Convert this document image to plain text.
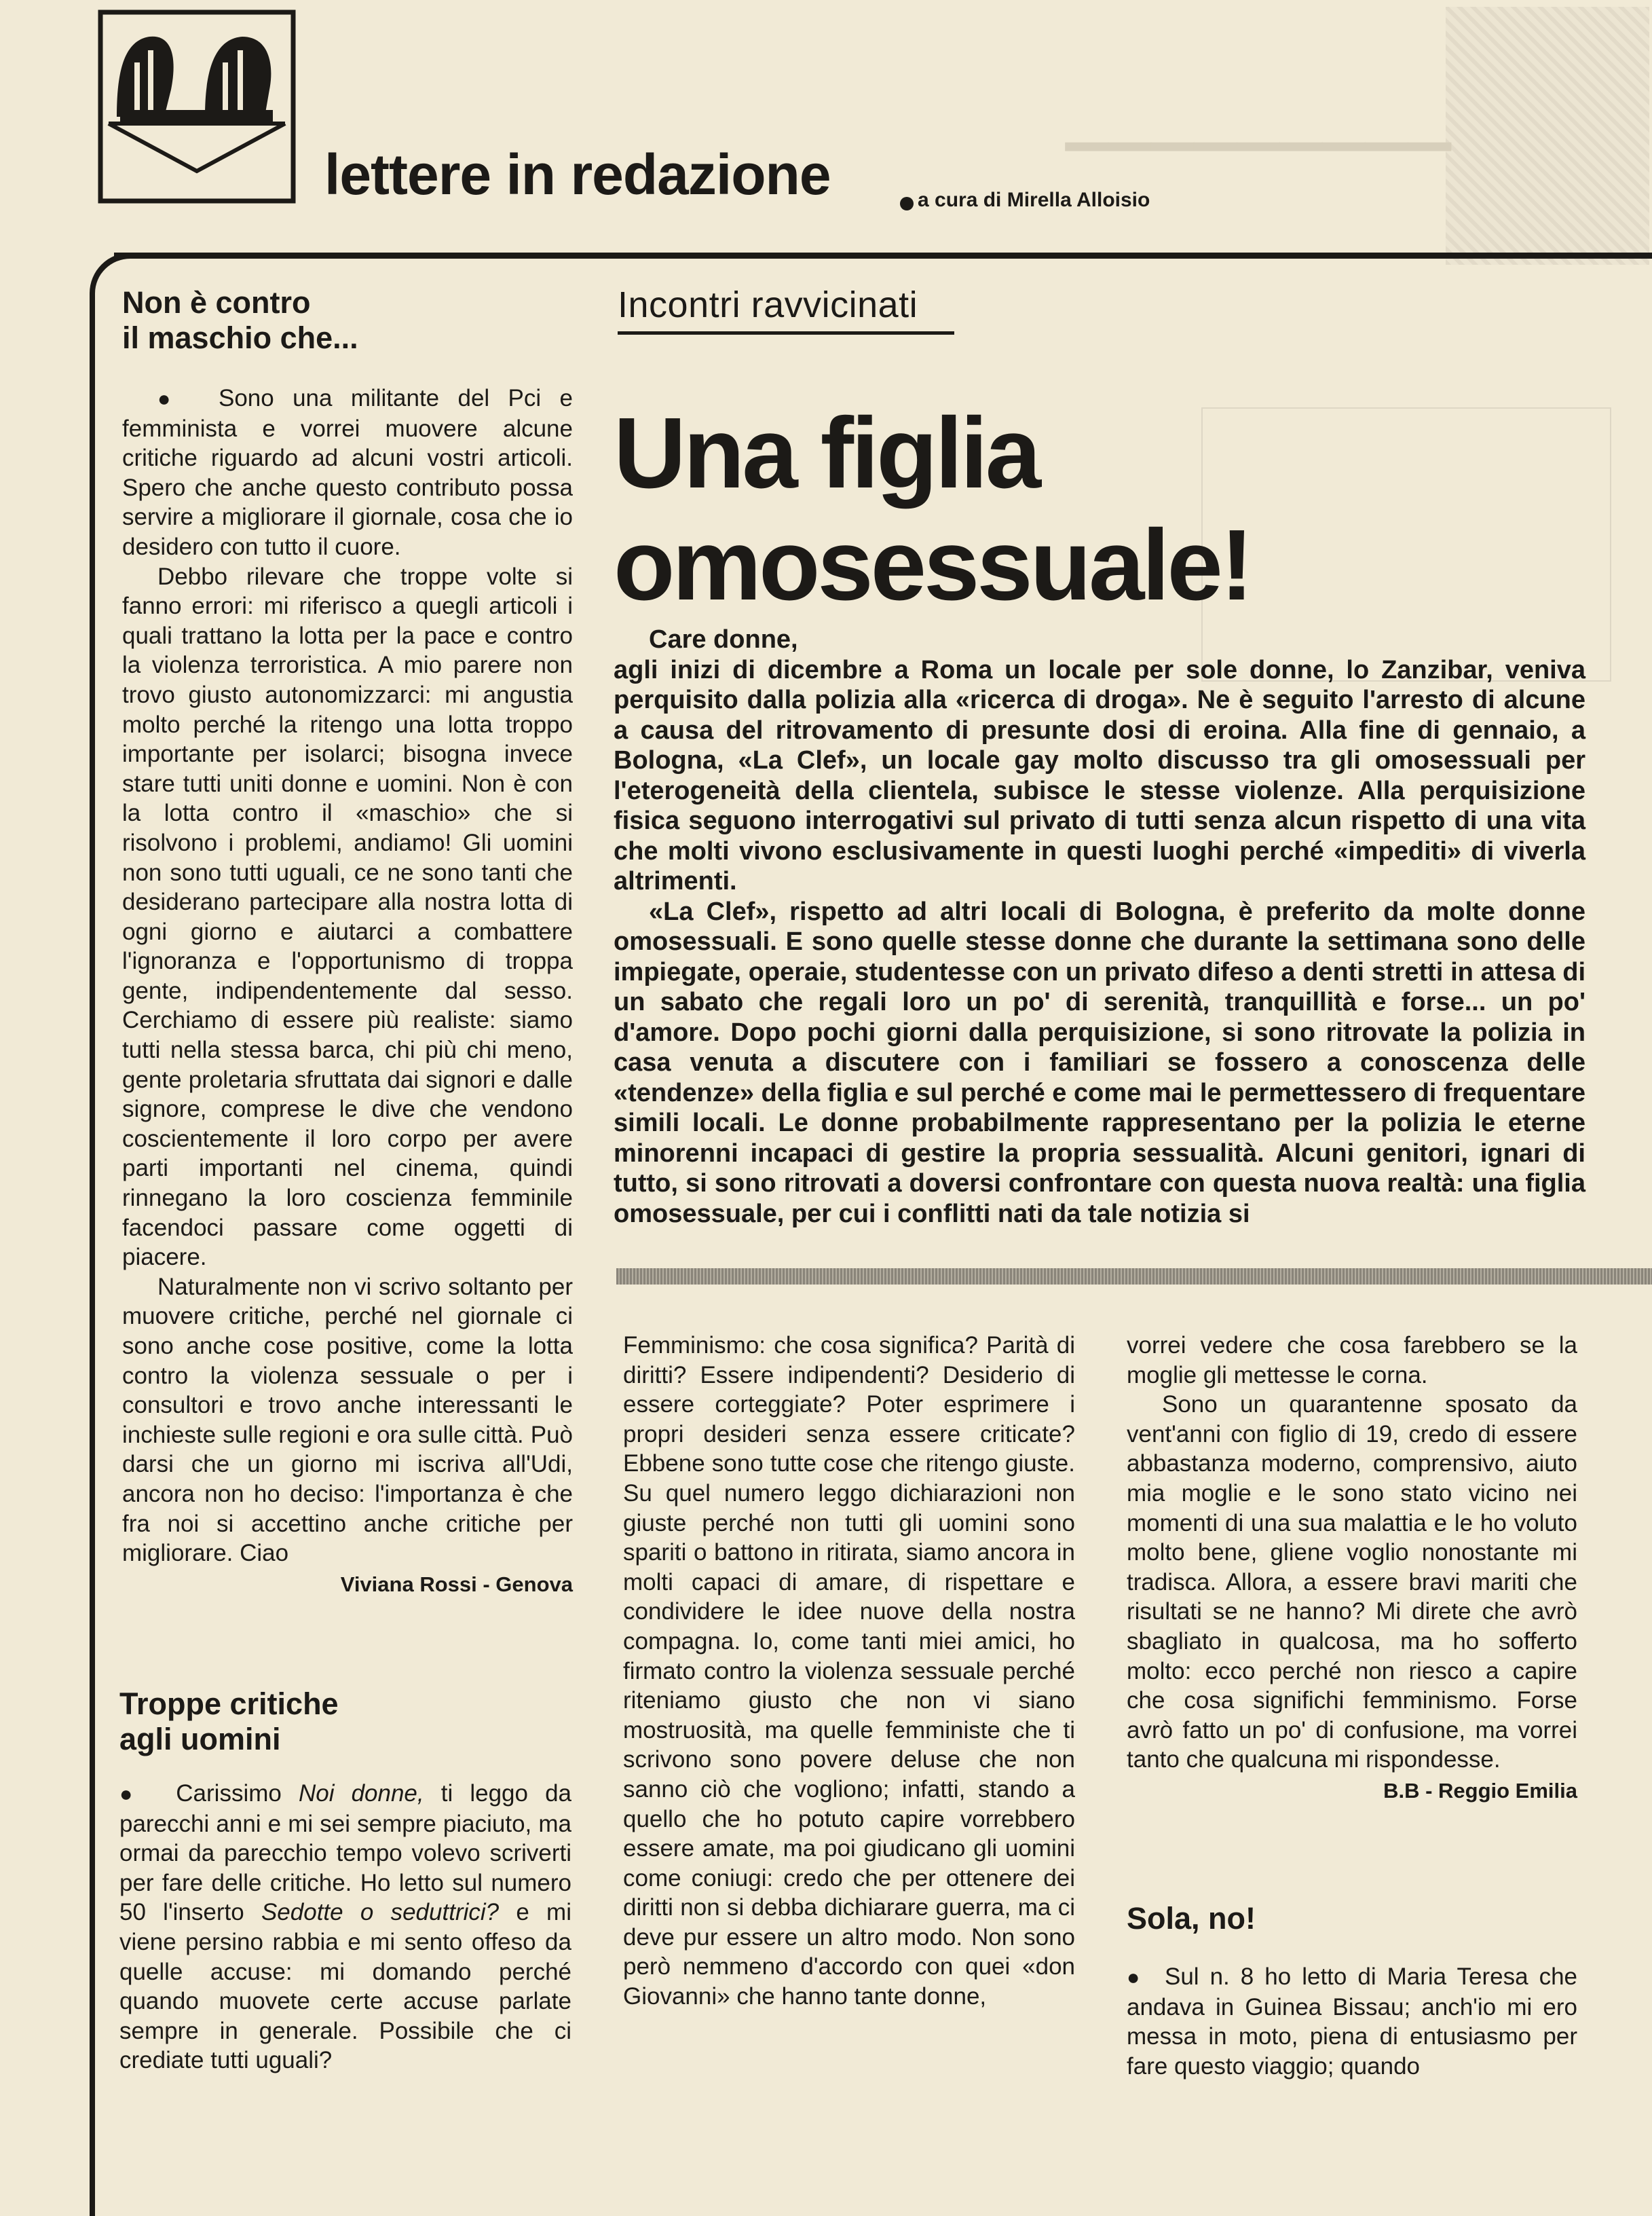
lettere in redazione	a cura di Mirella Alloisio
▁▁▁▁▁▁▁▁▁
Non è contro
il maschio che...

●  Sono una militante del Pci e femminista e vorrei muovere alcune critiche riguardo ad alcuni vostri articoli. Spero che anche questo contributo possa servire a migliorare il giornale, cosa che io desidero con tutto il cuore.

Debbo rilevare che troppe volte si fanno errori: mi riferisco a quegli articoli i quali trattano la lotta per la pace e contro la violenza terroristica. A mio parere non trovo giusto autonomizzarci: mi angustia molto perché la ritengo una lotta troppo importante per isolarci; bisogna invece stare tutti uniti donne e uomini. Non è con la lotta contro il «maschio» che si risolvono i problemi, andiamo! Gli uomini non sono tutti uguali, ce ne sono tanti che desiderano partecipare alla nostra lotta di ogni giorno e aiutarci a combattere l'ignoranza e l'opportunismo di troppa gente, indipendentemente dal sesso. Cerchiamo di essere più realiste: siamo tutti nella stessa barca, chi più chi meno, gente proletaria sfruttata dai signori e dalle signore, comprese le dive che vendono coscientemente il loro corpo per avere parti importanti nel cinema, quindi rinnegano la loro coscienza femminile facendoci passare come oggetti di piacere.

Naturalmente non vi scrivo soltanto per muovere critiche, perché nel giornale ci sono anche cose positive, come la lotta contro la violenza sessuale o per i consultori e trovo anche interessanti le inchieste sulle regioni e ora sulle città. Può darsi che un giorno mi iscriva all'Udi, ancora non ho deciso: l'importanza è che fra noi si accettino anche critiche per migliorare. Ciao

Viviana Rossi - Genova
Troppe critiche
agli uomini

●  Carissimo Noi donne, ti leggo da parecchi anni e mi sei sempre piaciuto, ma ormai da parecchio tempo volevo scriverti per fare delle critiche. Ho letto sul numero 50 l'inserto Sedotte o seduttrici? e mi viene persino rabbia e mi sento offeso da quelle accuse: mi domando perché quando muovete certe accuse parlate sempre in generale. Possibile che ci crediate tutti uguali?

Incontri ravvicinati
Una figlia
omosessuale!

Care donne,

agli inizi di dicembre a Roma un locale per sole donne, lo Zanzibar, veniva perquisito dalla polizia alla «ricerca di droga». Ne è seguito l'arresto di alcune a causa del ritrovamento di presunte dosi di eroina. Alla fine di gennaio, a Bologna, «La Clef», un locale gay molto discusso tra gli omosessuali per l'eterogeneità della clientela, subisce le stesse violenze. Alla perquisizione fisica seguono interrogativi sul privato di tutti senza alcun rispetto di una vita che molti vivono esclusivamente in questi luoghi perché «impediti» di viverla altrimenti.

«La Clef», rispetto ad altri locali di Bologna, è preferito da molte donne omosessuali. E sono quelle stesse donne che durante la settimana sono delle impiegate, operaie, studentesse con un privato difeso a denti stretti in attesa di un sabato che regali loro un po' di serenità, tranquillità e forse... un po' d'amore. Dopo pochi giorni dalla perquisizione, si sono ritrovate la polizia in casa venuta a discutere con i familiari se fossero a conoscenza delle «tendenze» della figlia e sul perché e come mai le permettessero di frequentare simili locali. Le donne probabilmente rappresentano per la polizia le eterne minorenni incapaci di gestire la propria sessualità. Alcuni genitori, ignari di tutto, si sono ritrovati a doversi confrontare con questa nuova realtà: una figlia omosessuale, per cui i conflitti nati da tale notizia si

Femminismo: che cosa significa? Parità di diritti? Essere indipendenti? Desiderio di essere corteggiate? Poter esprimere i propri desideri senza essere criticate? Ebbene sono tutte cose che ritengo giuste. Su quel numero leggo dichiarazioni non giuste perché non tutti gli uomini sono spariti o battono in ritirata, siamo ancora in molti capaci di amare, di rispettare e condividere le idee nuove della nostra compagna. Io, come tanti miei amici, ho firmato contro la violenza sessuale perché riteniamo giusto che non vi siano mostruosità, ma quelle femministe che ti scrivono sono povere deluse che non sanno ciò che vogliono; infatti, stando a quello che ho potuto capire vorrebbero essere amate, ma poi giudicano gli uomini come coniugi: credo che per ottenere dei diritti non si debba dichiarare guerra, ma ci deve pur essere un altro modo. Non sono però nemmeno d'accordo con quei «don Giovanni» che hanno tante donne,

vorrei vedere che cosa farebbero se la moglie gli mettesse le corna.

Sono un quarantenne sposato da vent'anni con figlio di 19, credo di essere abbastanza moderno, comprensivo, aiuto mia moglie e le sono stato vicino nei momenti di una sua malattia e le ho voluto molto bene, gliene voglio nonostante mi tradisca. Allora, a essere bravi mariti che risultati se ne hanno? Mi direte che avrò sbagliato in qualcosa, ma ho sofferto molto: ecco perché non riesco a capire che cosa significhi femminismo. Forse avrò fatto un po' di confusione, ma vorrei tanto che qualcuna mi rispondesse.

B.B - Reggio Emilia
Sola, no!

●  Sul n. 8 ho letto di Maria Teresa che andava in Guinea Bissau; anch'io mi ero messa in moto, piena di entusiasmo per fare questo viaggio; quando
